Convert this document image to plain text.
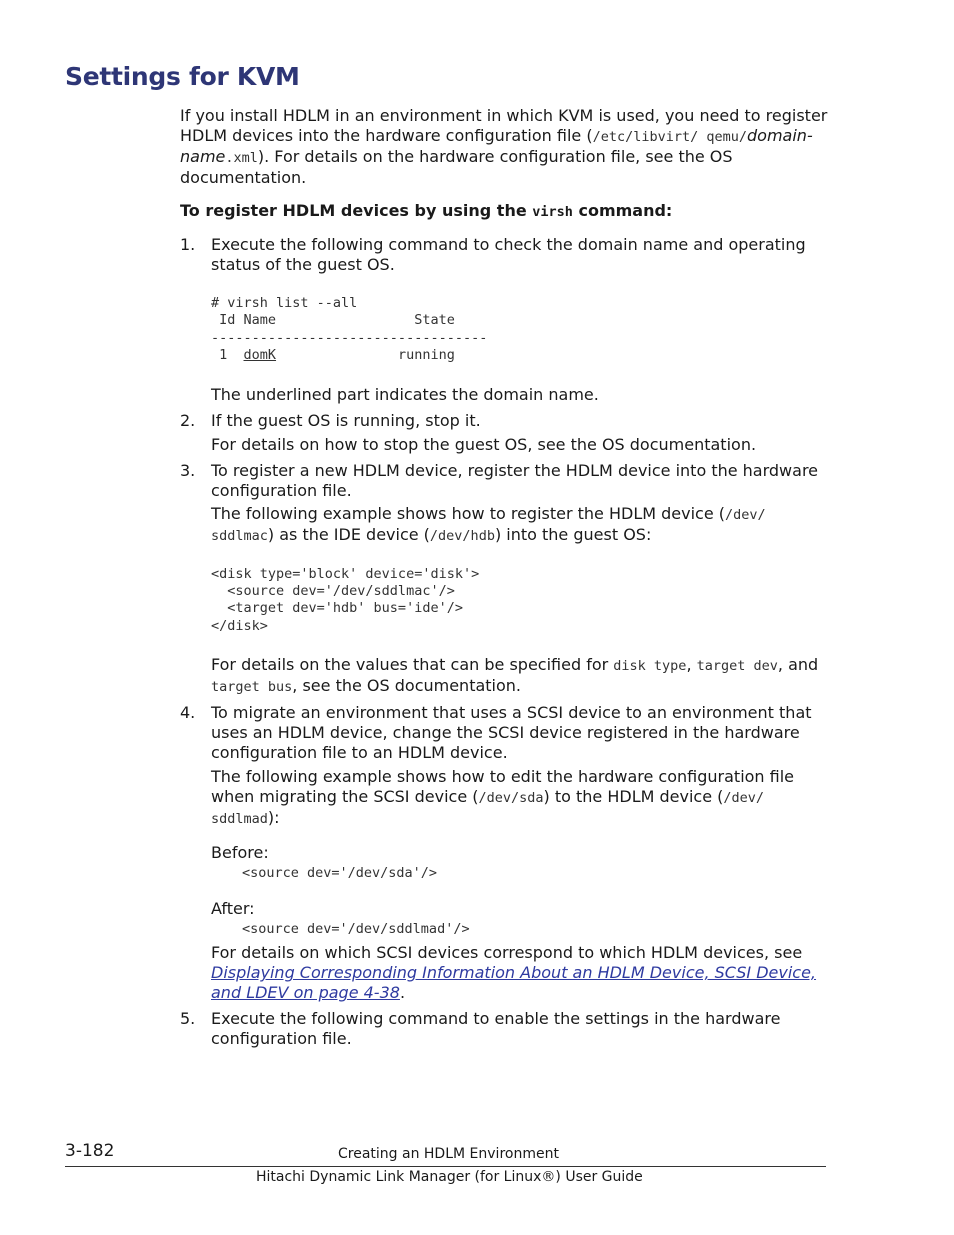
Settings for KVM

If you install HDLM in an environment in which KVM is used, you need to register HDLM devices into the hardware configuration file (/etc/libvirt/ qemu/domain-name.xml). For details on the hardware configuration file, see the OS documentation.

To register HDLM devices by using the virsh command:

1. Execute the following command to check the domain name and operating status of the guest OS.

# virsh list --all
Id Name                 State
----------------------------------
1  domK               running

The underlined part indicates the domain name.

2. If the guest OS is running, stop it.

For details on how to stop the guest OS, see the OS documentation.

3. To register a new HDLM device, register the HDLM device into the hardware configuration file.

The following example shows how to register the HDLM device (/dev/ sddlmac) as the IDE device (/dev/hdb) into the guest OS:

<disk type='block' device='disk'>
<source dev='/dev/sddlmac'/>
<target dev='hdb' bus='ide'/>
</disk>

For details on the values that can be specified for disk type, target dev, and target bus, see the OS documentation.

4. To migrate an environment that uses a SCSI device to an environment that uses an HDLM device, change the SCSI device registered in the hardware configuration file to an HDLM device.

The following example shows how to edit the hardware configuration file when migrating the SCSI device (/dev/sda) to the HDLM device (/dev/ sddlmad):

Before:

<source dev='/dev/sda'/>

After:

<source dev='/dev/sddlmad'/>

For details on which SCSI devices correspond to which HDLM devices, see Displaying Corresponding Information About an HDLM Device, SCSI Device, and LDEV on page 4-38.

5. Execute the following command to enable the settings in the hardware configuration file.

3-182	Creating an HDLM Environment
Hitachi Dynamic Link Manager (for Linux®) User Guide
